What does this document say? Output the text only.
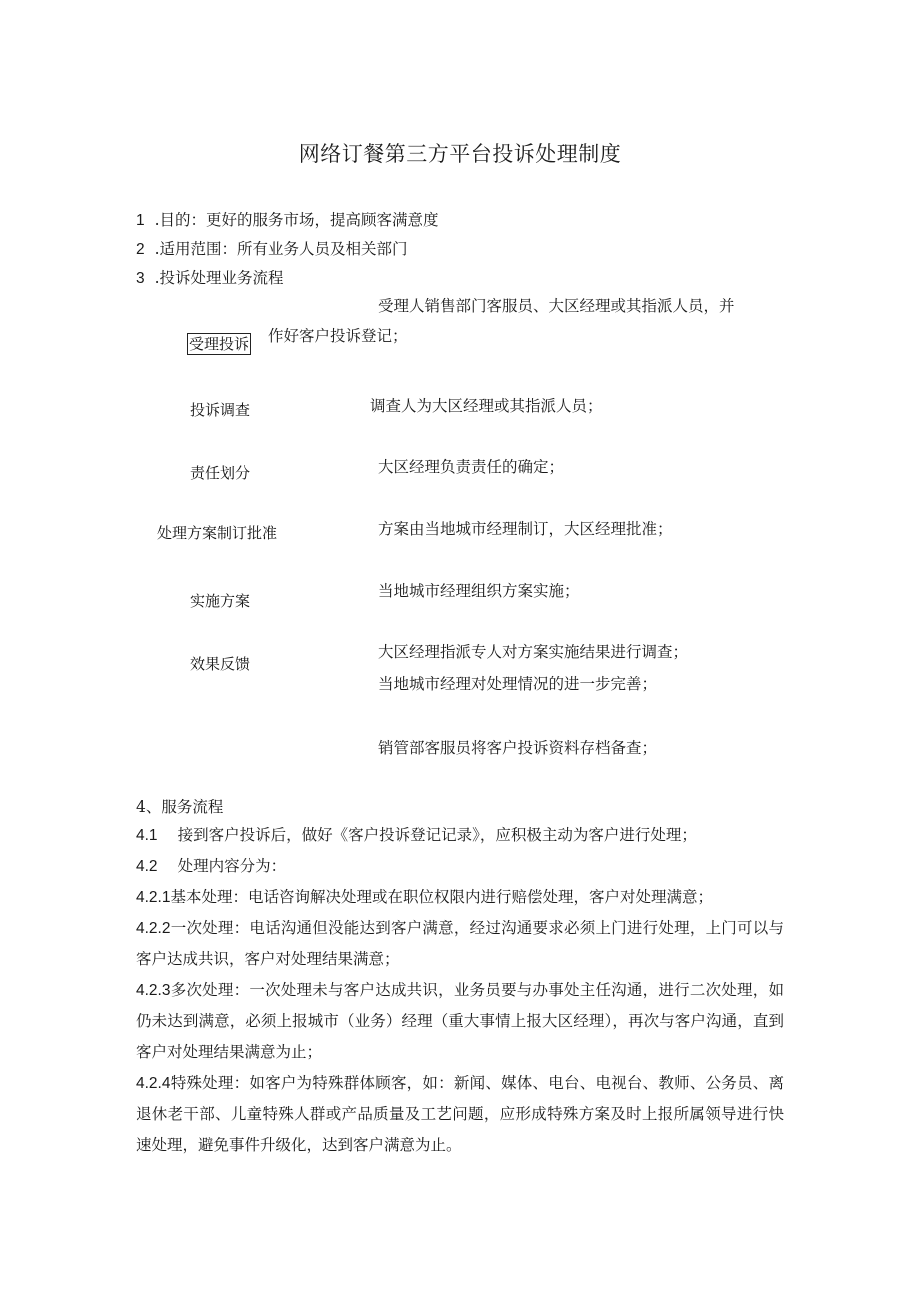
网络订餐第三方平台投诉处理制度
1 .目的：更好的服务市场，提高顾客满意度
2 .适用范围：所有业务人员及相关部门
3 .投诉处理业务流程
受理投诉
投诉调查
责任划分
处理方案制订批准
实施方案
效果反馈
受理人销售部门客服员、大区经理或其指派人员，并
作好客户投诉登记；
调查人为大区经理或其指派人员；
大区经理负责责任的确定；
方案由当地城市经理制订，大区经理批准；
当地城市经理组织方案实施；
大区经理指派专人对方案实施结果进行调查；
当地城市经理对处理情况的进一步完善；
销管部客服员将客户投诉资料存档备查；
4、服务流程
4.1 接到客户投诉后，做好《客户投诉登记记录》，应积极主动为客户进行处理；
4.2 处理内容分为：
4.2.1基本处理：电话咨询解决处理或在职位权限内进行赔偿处理，客户对处理满意；
4.2.2一次处理：电话沟通但没能达到客户满意，经过沟通要求必须上门进行处理，上门可以与客户达成共识，客户对处理结果满意；
4.2.3多次处理：一次处理未与客户达成共识，业务员要与办事处主任沟通，进行二次处理，如仍未达到满意，必须上报城市（业务）经理（重大事情上报大区经理），再次与客户沟通，直到客户对处理结果满意为止；
4.2.4特殊处理：如客户为特殊群体顾客，如：新闻、媒体、电台、电视台、教师、公务员、离退休老干部、儿童特殊人群或产品质量及工艺问题，应形成特殊方案及时上报所属领导进行快速处理，避免事件升级化，达到客户满意为止。
